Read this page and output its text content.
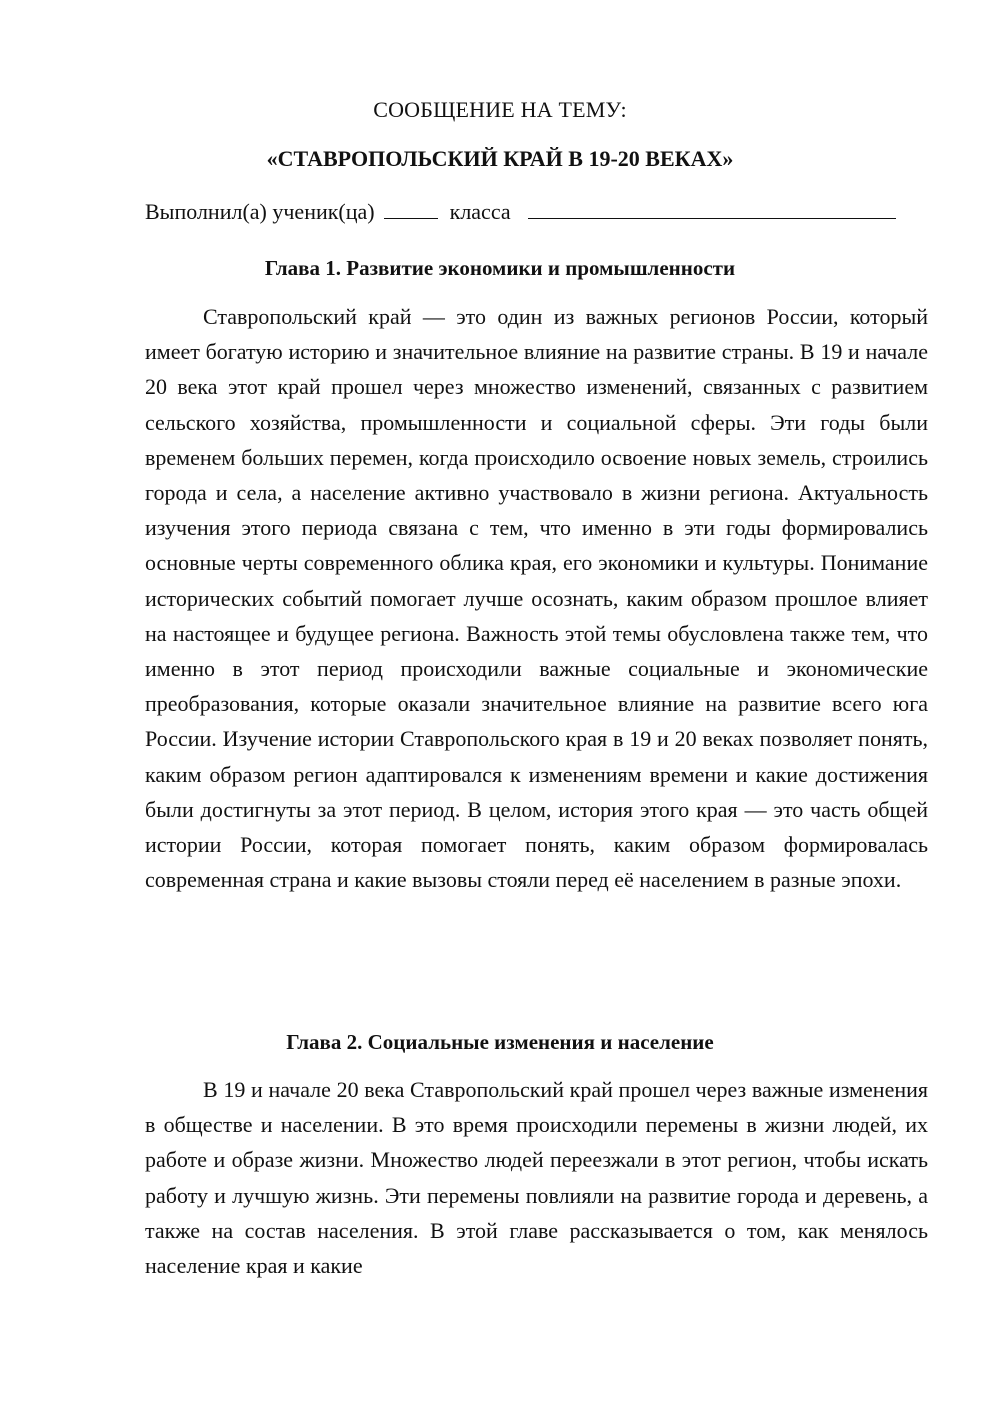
СООБЩЕНИЕ НА ТЕМУ:
«СТАВРОПОЛЬСКИЙ КРАЙ В 19-20 ВЕКАХ»
Выполнил(а) ученик(ца)	класса
Глава 1. Развитие экономики и промышленности

Ставропольский край — это один из важных регионов России, который имеет богатую историю и значительное влияние на развитие страны. В 19 и начале 20 века этот край прошел через множество изменений, связанных с развитием сельского хозяйства, промышленности и социальной сферы. Эти годы были временем больших перемен, когда происходило освоение новых земель, строились города и села, а население активно участвовало в жизни региона. Актуальность изучения этого периода связана с тем, что именно в эти годы формировались основные черты современного облика края, его экономики и культуры. Понимание исторических событий помогает лучше осознать, каким образом прошлое влияет на настоящее и будущее региона. Важность этой темы обусловлена также тем, что именно в этот период происходили важные социальные и экономические преобразования, которые оказали значительное влияние на развитие всего юга России. Изучение истории Ставропольского края в 19 и 20 веках позволяет понять, каким образом регион адаптировался к изменениям времени и какие достижения были достигнуты за этот период. В целом, история этого края — это часть общей истории России, которая помогает понять, каким образом формировалась современная страна и какие вызовы стояли перед её населением в разные эпохи.

Глава 2. Социальные изменения и население

В 19 и начале 20 века Ставропольский край прошел через важные изменения в обществе и населении. В это время происходили перемены в жизни людей, их работе и образе жизни. Множество людей переезжали в этот регион, чтобы искать работу и лучшую жизнь. Эти перемены повлияли на развитие города и деревень, а также на состав населения. В этой главе рассказывается о том, как менялось население края и какие
